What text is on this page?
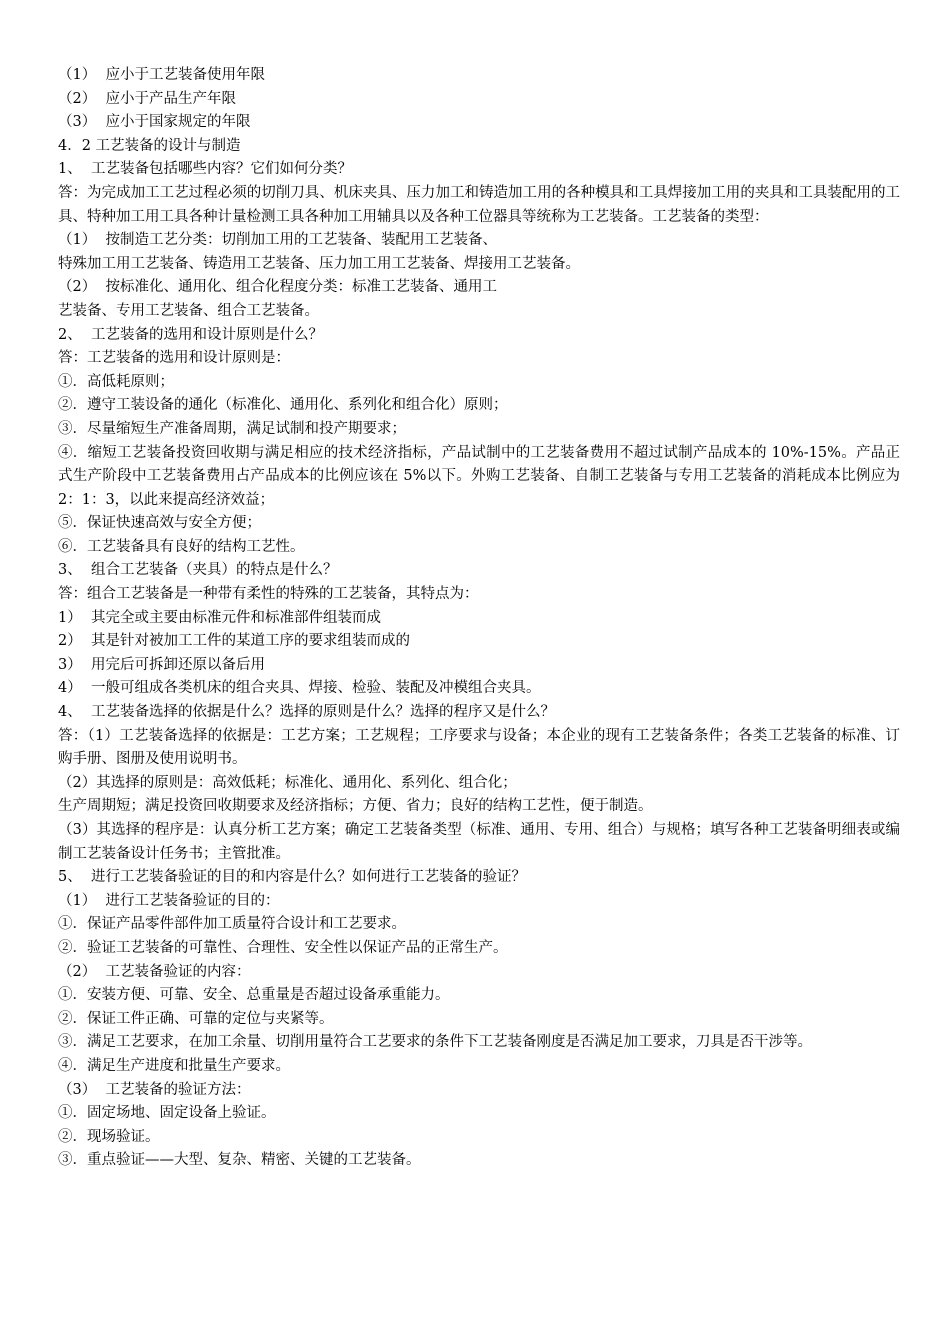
（1）  应小于工艺装备使用年限

（2）  应小于产品生产年限

（3）  应小于国家规定的年限

4．2 工艺装备的设计与制造

1、  工艺装备包括哪些内容？它们如何分类？

答：为完成加工工艺过程必须的切削刀具、机床夹具、压力加工和铸造加工用的各种模具和工具焊接加工用的夹具和工具装配用的工具、特种加工用工具各种计量检测工具各种加工用辅具以及各种工位器具等统称为工艺装备。工艺装备的类型：

（1）  按制造工艺分类：切削加工用的工艺装备、装配用工艺装备、

特殊加工用工艺装备、铸造用工艺装备、压力加工用工艺装备、焊接用工艺装备。

（2）  按标准化、通用化、组合化程度分类：标准工艺装备、通用工

艺装备、专用工艺装备、组合工艺装备。

2、  工艺装备的选用和设计原则是什么？

答：工艺装备的选用和设计原则是：

①．高低耗原则；

②．遵守工装设备的通化（标准化、通用化、系列化和组合化）原则；

③．尽量缩短生产准备周期，满足试制和投产期要求；

④．缩短工艺装备投资回收期与满足相应的技术经济指标，产品试制中的工艺装备费用不超过试制产品成本的 10%-15%。产品正式生产阶段中工艺装备费用占产品成本的比例应该在 5%以下。外购工艺装备、自制工艺装备与专用工艺装备的消耗成本比例应为 2：1：3，以此来提高经济效益；

⑤．保证快速高效与安全方便；

⑥．工艺装备具有良好的结构工艺性。

3、  组合工艺装备（夹具）的特点是什么？

答：组合工艺装备是一种带有柔性的特殊的工艺装备，其特点为：

1）  其完全或主要由标准元件和标准部件组装而成

2）  其是针对被加工工件的某道工序的要求组装而成的

3）  用完后可拆卸还原以备后用

4）  一般可组成各类机床的组合夹具、焊接、检验、装配及冲模组合夹具。

4、  工艺装备选择的依据是什么？选择的原则是什么？选择的程序又是什么？

答：（1）工艺装备选择的依据是：工艺方案；工艺规程；工序要求与设备；本企业的现有工艺装备条件；各类工艺装备的标准、订购手册、图册及使用说明书。

（2）其选择的原则是：高效低耗；标准化、通用化、系列化、组合化；

生产周期短；满足投资回收期要求及经济指标；方便、省力；良好的结构工艺性，便于制造。

（3）其选择的程序是：认真分析工艺方案；确定工艺装备类型（标准、通用、专用、组合）与规格；填写各种工艺装备明细表或编制工艺装备设计任务书；主管批准。

5、  进行工艺装备验证的目的和内容是什么？如何进行工艺装备的验证？

（1）  进行工艺装备验证的目的：

①．保证产品零件部件加工质量符合设计和工艺要求。

②．验证工艺装备的可靠性、合理性、安全性以保证产品的正常生产。

（2）  工艺装备验证的内容：

①．安装方便、可靠、安全、总重量是否超过设备承重能力。

②．保证工件正确、可靠的定位与夹紧等。

③．满足工艺要求，在加工余量、切削用量符合工艺要求的条件下工艺装备刚度是否满足加工要求，刀具是否干涉等。

④．满足生产进度和批量生产要求。

（3）  工艺装备的验证方法：

①．固定场地、固定设备上验证。

②．现场验证。

③．重点验证——大型、复杂、精密、关键的工艺装备。
